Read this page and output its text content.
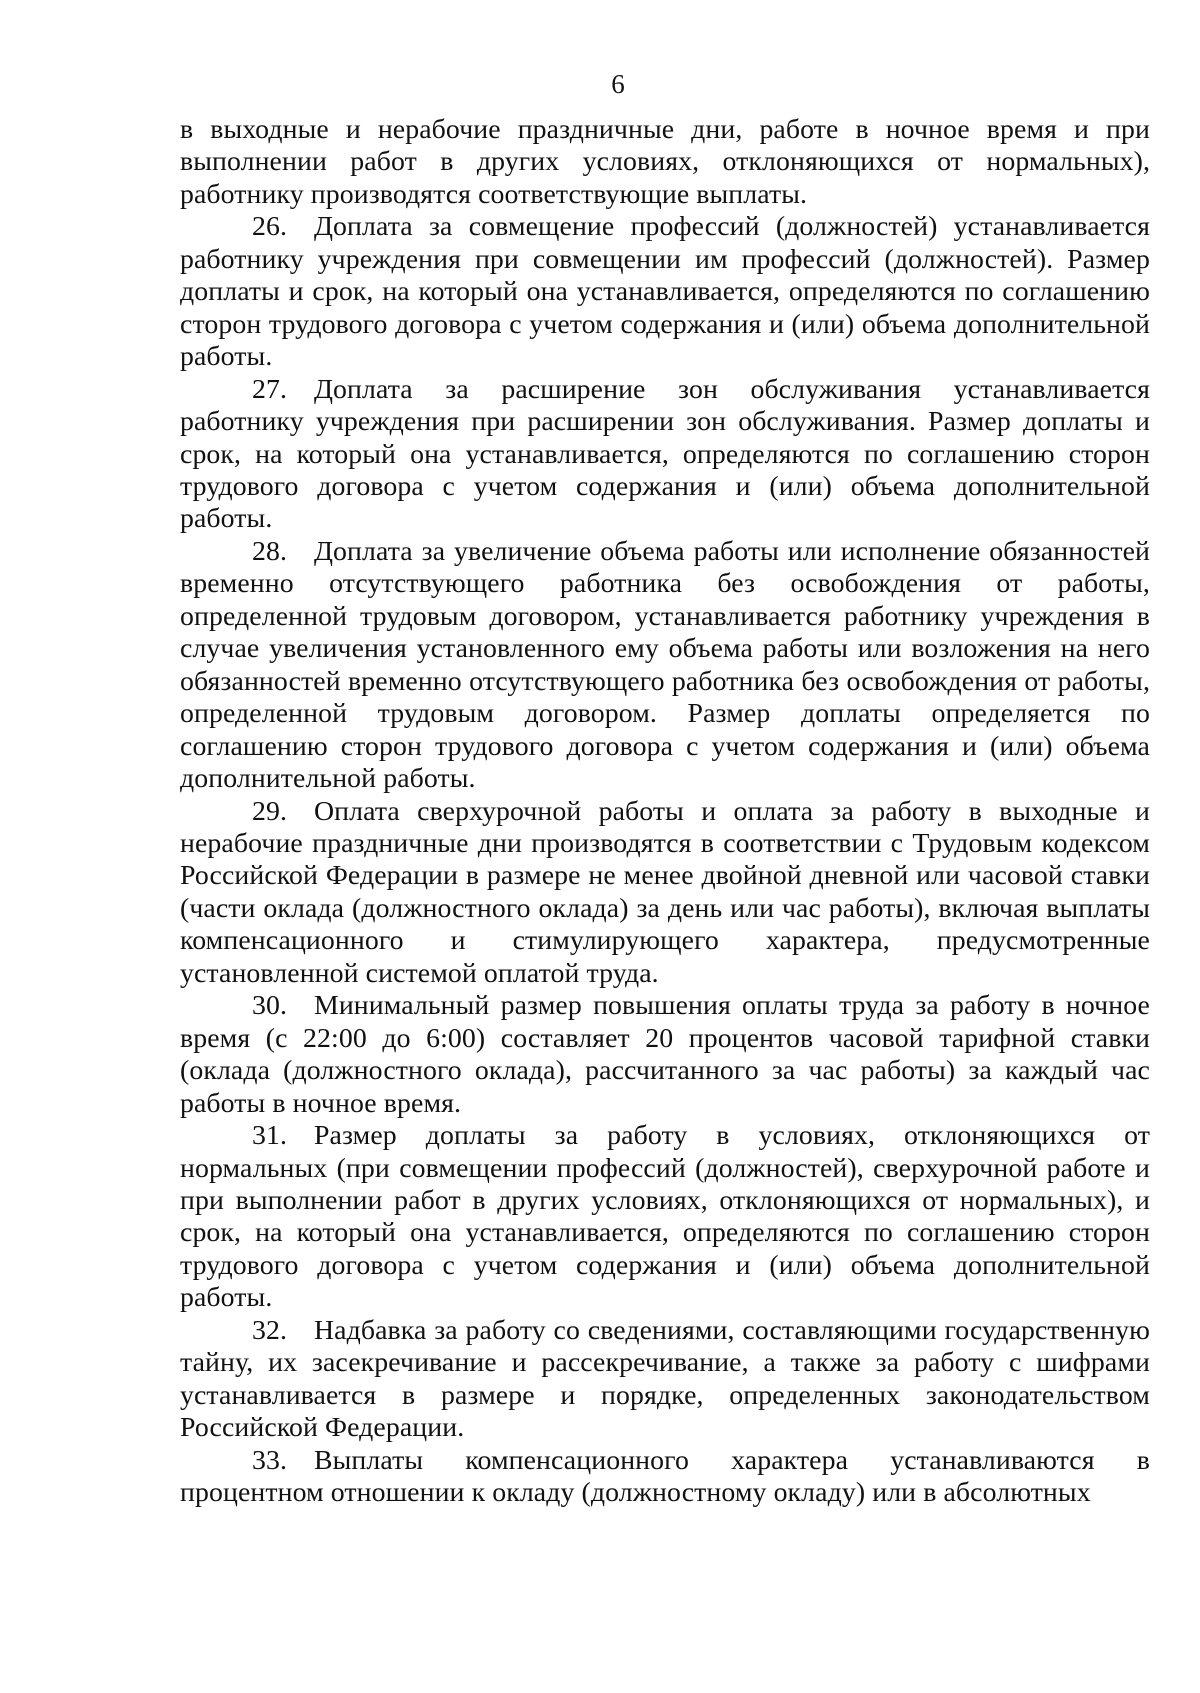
6

в выходные и нерабочие праздничные дни, работе в ночное время и при выполнении работ в других условиях, отклоняющихся от нормальных), работнику производятся соответствующие выплаты.

26. Доплата за совмещение профессий (должностей) устанавливается работнику учреждения при совмещении им профессий (должностей). Размер доплаты и срок, на который она устанавливается, определяются по соглашению сторон трудового договора с учетом содержания и (или) объема дополнительной работы.

27. Доплата за расширение зон обслуживания устанавливается работнику учреждения при расширении зон обслуживания. Размер доплаты и срок, на который она устанавливается, определяются по соглашению сторон трудового договора с учетом содержания и (или) объема дополнительной работы.

28. Доплата за увеличение объема работы или исполнение обязанностей временно отсутствующего работника без освобождения от работы, определенной трудовым договором, устанавливается работнику учреждения в случае увеличения установленного ему объема работы или возложения на него обязанностей временно отсутствующего работника без освобождения от работы, определенной трудовым договором. Размер доплаты определяется по соглашению сторон трудового договора с учетом содержания и (или) объема дополнительной работы.

29. Оплата сверхурочной работы и оплата за работу в выходные и нерабочие праздничные дни производятся в соответствии с Трудовым кодексом Российской Федерации в размере не менее двойной дневной или часовой ставки (части оклада (должностного оклада) за день или час работы), включая выплаты компенсационного и стимулирующего характера, предусмотренные установленной системой оплатой труда.

30. Минимальный размер повышения оплаты труда за работу в ночное время (с 22:00 до 6:00) составляет 20 процентов часовой тарифной ставки (оклада (должностного оклада), рассчитанного за час работы) за каждый час работы в ночное время.

31. Размер доплаты за работу в условиях, отклоняющихся от нормальных (при совмещении профессий (должностей), сверхурочной работе и при выполнении работ в других условиях, отклоняющихся от нормальных), и срок, на который она устанавливается, определяются по соглашению сторон трудового договора с учетом содержания и (или) объема дополнительной работы.

32. Надбавка за работу со сведениями, составляющими государственную тайну, их засекречивание и рассекречивание, а также за работу с шифрами устанавливается в размере и порядке, определенных законодательством Российской Федерации.

33. Выплаты компенсационного характера устанавливаются в процентном отношении к окладу (должностному окладу) или в абсолютных
